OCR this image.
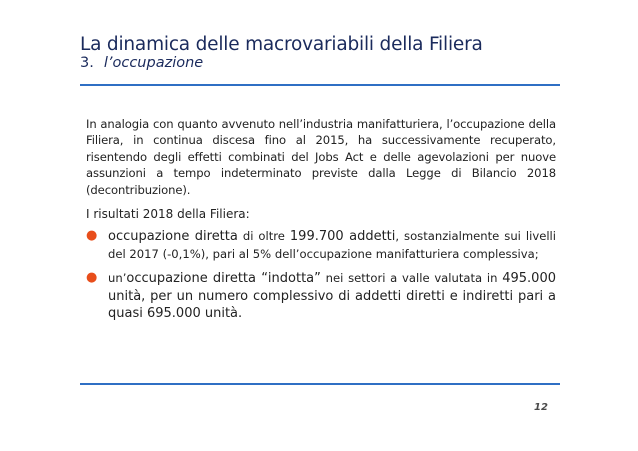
La dinamica delle macrovariabili della Filiera
3. l’occupazione

In analogia con quanto avvenuto nell’industria manifatturiera, l’occupazione della Filiera, in continua discesa fino al 2015, ha successivamente recuperato, risentendo degli effetti combinati del Jobs Act e delle agevolazioni per nuove assunzioni a tempo indeterminato previste dalla Legge di Bilancio 2018 (decontribuzione).

I risultati 2018 della Filiera:

● occupazione diretta di oltre 199.700 addetti, sostanzialmente sui livelli del 2017 (-0,1%), pari al 5% dell’occupazione manifatturiera complessiva;
● un’occupazione diretta “indotta” nei settori a valle valutata in 495.000 unità, per un numero complessivo di addetti diretti e indiretti pari a quasi 695.000 unità.
12
